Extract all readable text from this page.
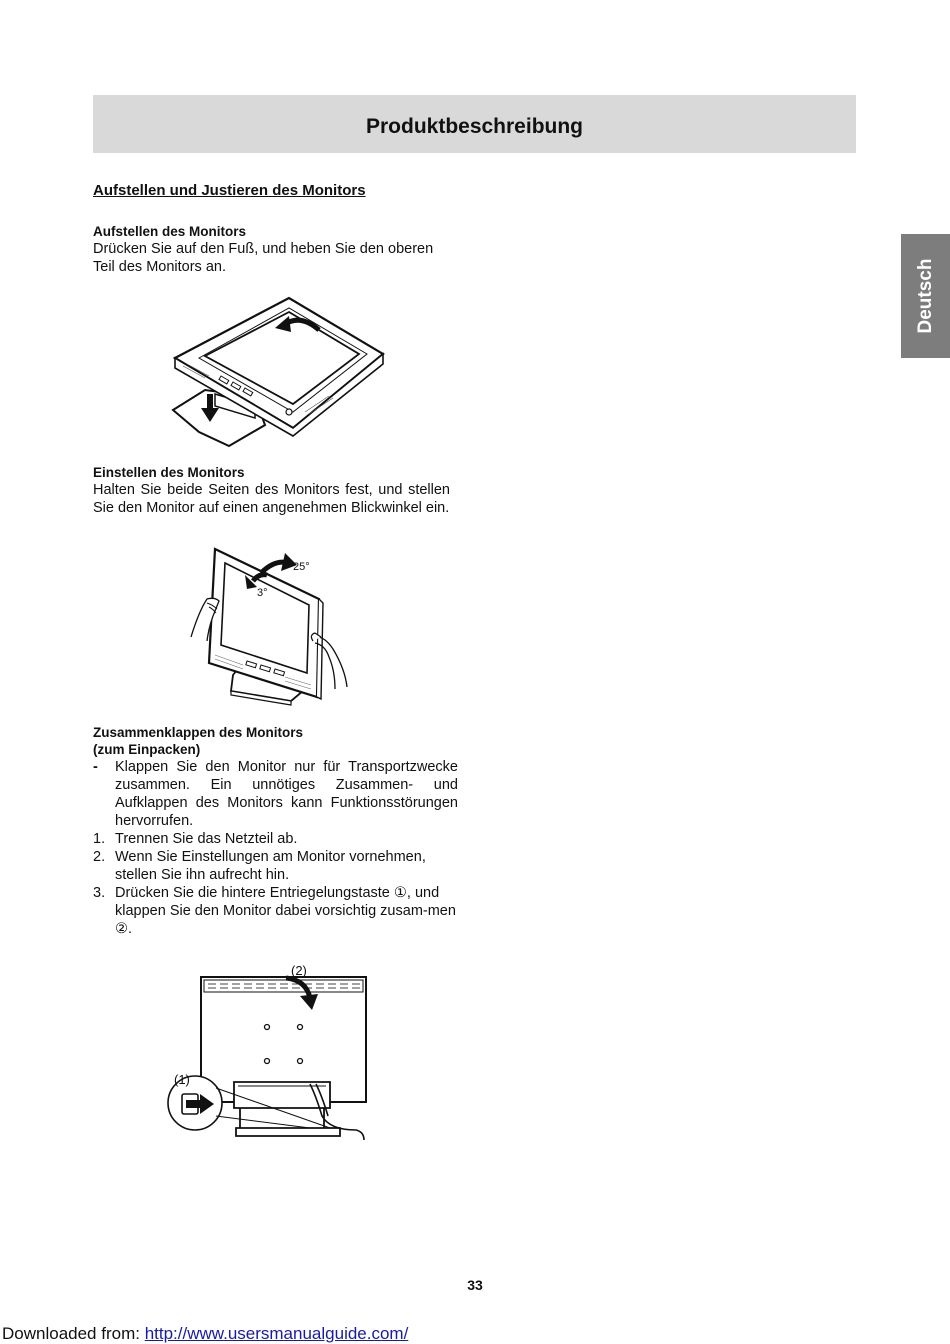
Produktbeschreibung
Deutsch
Aufstellen und Justieren des Monitors
Aufstellen des Monitors

Drücken Sie auf den Fuß, und heben Sie den oberen Teil des Monitors an.

Einstellen des Monitors

Halten Sie beide Seiten des Monitors fest, und stellen Sie den Monitor auf einen angenehmen Blickwinkel ein.

25°
3°
Zusammenklappen des Monitors
(zum Einpacken)
- Klappen Sie den Monitor nur für Transportzwecke zusammen. Ein unnötiges Zusammen- und Aufklappen des Monitors kann Funktionsstörungen hervorrufen.
1. Trennen Sie das Netzteil ab.
2. Wenn Sie Einstellungen am Monitor vornehmen, stellen Sie ihn aufrecht hin.
3. Drücken Sie die hintere Entriegelungstaste ①, und klappen Sie den Monitor dabei vorsichtig zusam-men ②.
(2)
(1)
33
Downloaded from: http://www.usersmanualguide.com/
